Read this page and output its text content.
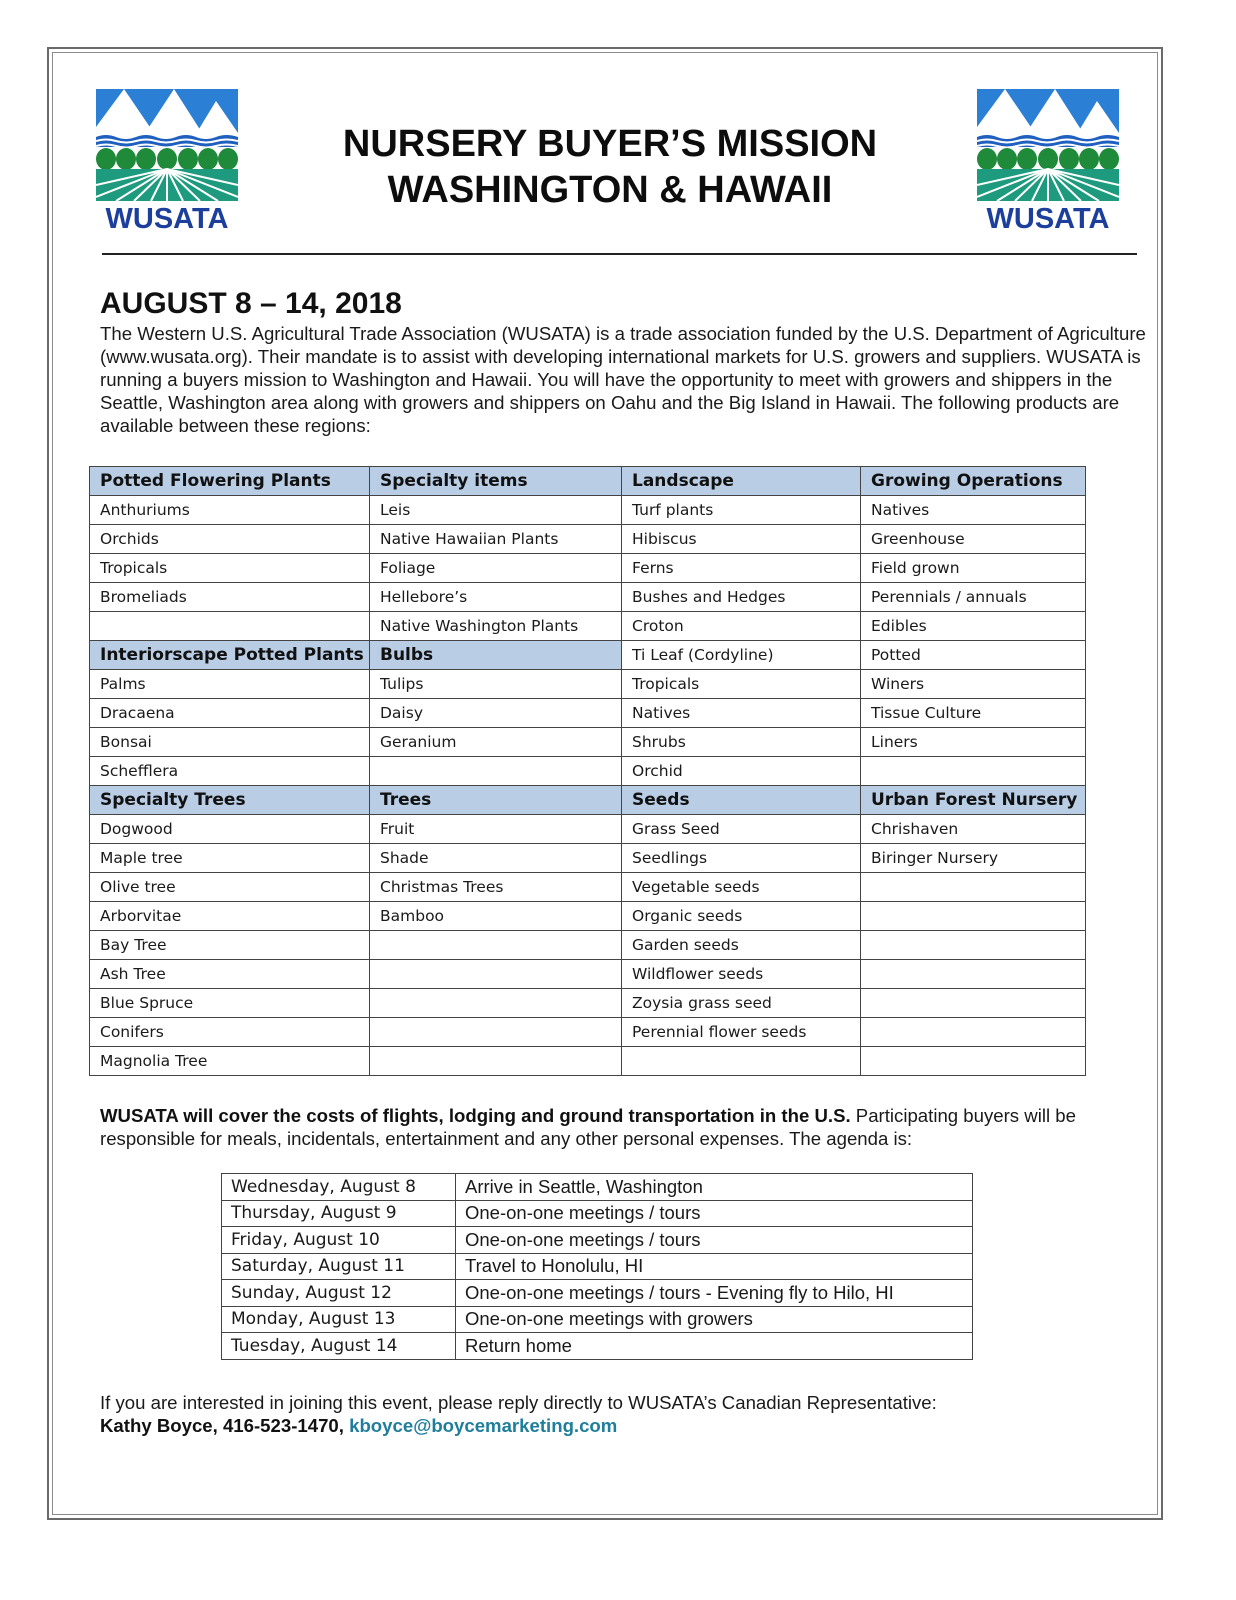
WUSATA	WUSATA
NURSERY BUYER’S MISSION
WASHINGTON & HAWAII
AUGUST 8 – 14, 2018
The Western U.S. Agricultural Trade Association (WUSATA) is a trade association funded by the U.S. Department of Agriculture (www.wusata.org). Their mandate is to assist with developing international markets for U.S. growers and suppliers. WUSATA is running a buyers mission to Washington and Hawaii. You will have the opportunity to meet with growers and shippers in the Seattle, Washington area along with growers and shippers on Oahu and the Big Island in Hawaii. The following products are available between these regions:
Potted Flowering Plants	Specialty items	Landscape	Growing Operations
Anthuriums	Leis	Turf plants	Natives
Orchids	Native Hawaiian Plants	Hibiscus	Greenhouse
Tropicals	Foliage	Ferns	Field grown
Bromeliads	Hellebore’s	Bushes and Hedges	Perennials / annuals
	Native Washington Plants	Croton	Edibles
Interiorscape Potted Plants	Bulbs	Ti Leaf (Cordyline)	Potted
Palms	Tulips	Tropicals	Winers
Dracaena	Daisy	Natives	Tissue Culture
Bonsai	Geranium	Shrubs	Liners
Schefflera		Orchid	
Specialty Trees	Trees	Seeds	Urban Forest Nursery
Dogwood	Fruit	Grass Seed	Chrishaven
Maple tree	Shade	Seedlings	Biringer Nursery
Olive tree	Christmas Trees	Vegetable seeds	
Arborvitae	Bamboo	Organic seeds	
Bay Tree		Garden seeds	
Ash Tree		Wildflower seeds	
Blue Spruce		Zoysia grass seed	
Conifers		Perennial flower seeds	
Magnolia Tree			
WUSATA will cover the costs of flights, lodging and ground transportation in the U.S. Participating buyers will be responsible for meals, incidentals, entertainment and any other personal expenses. The agenda is:
Wednesday, August 8	Arrive in Seattle, Washington
Thursday, August 9	One-on-one meetings / tours
Friday, August 10	One-on-one meetings / tours
Saturday, August 11	Travel to Honolulu, HI
Sunday, August 12	One-on-one meetings / tours - Evening fly to Hilo, HI
Monday, August 13	One-on-one meetings with growers
Tuesday, August 14	Return home
If you are interested in joining this event, please reply directly to WUSATA’s Canadian Representative:
Kathy Boyce, 416-523-1470, kboyce@boycemarketing.com
